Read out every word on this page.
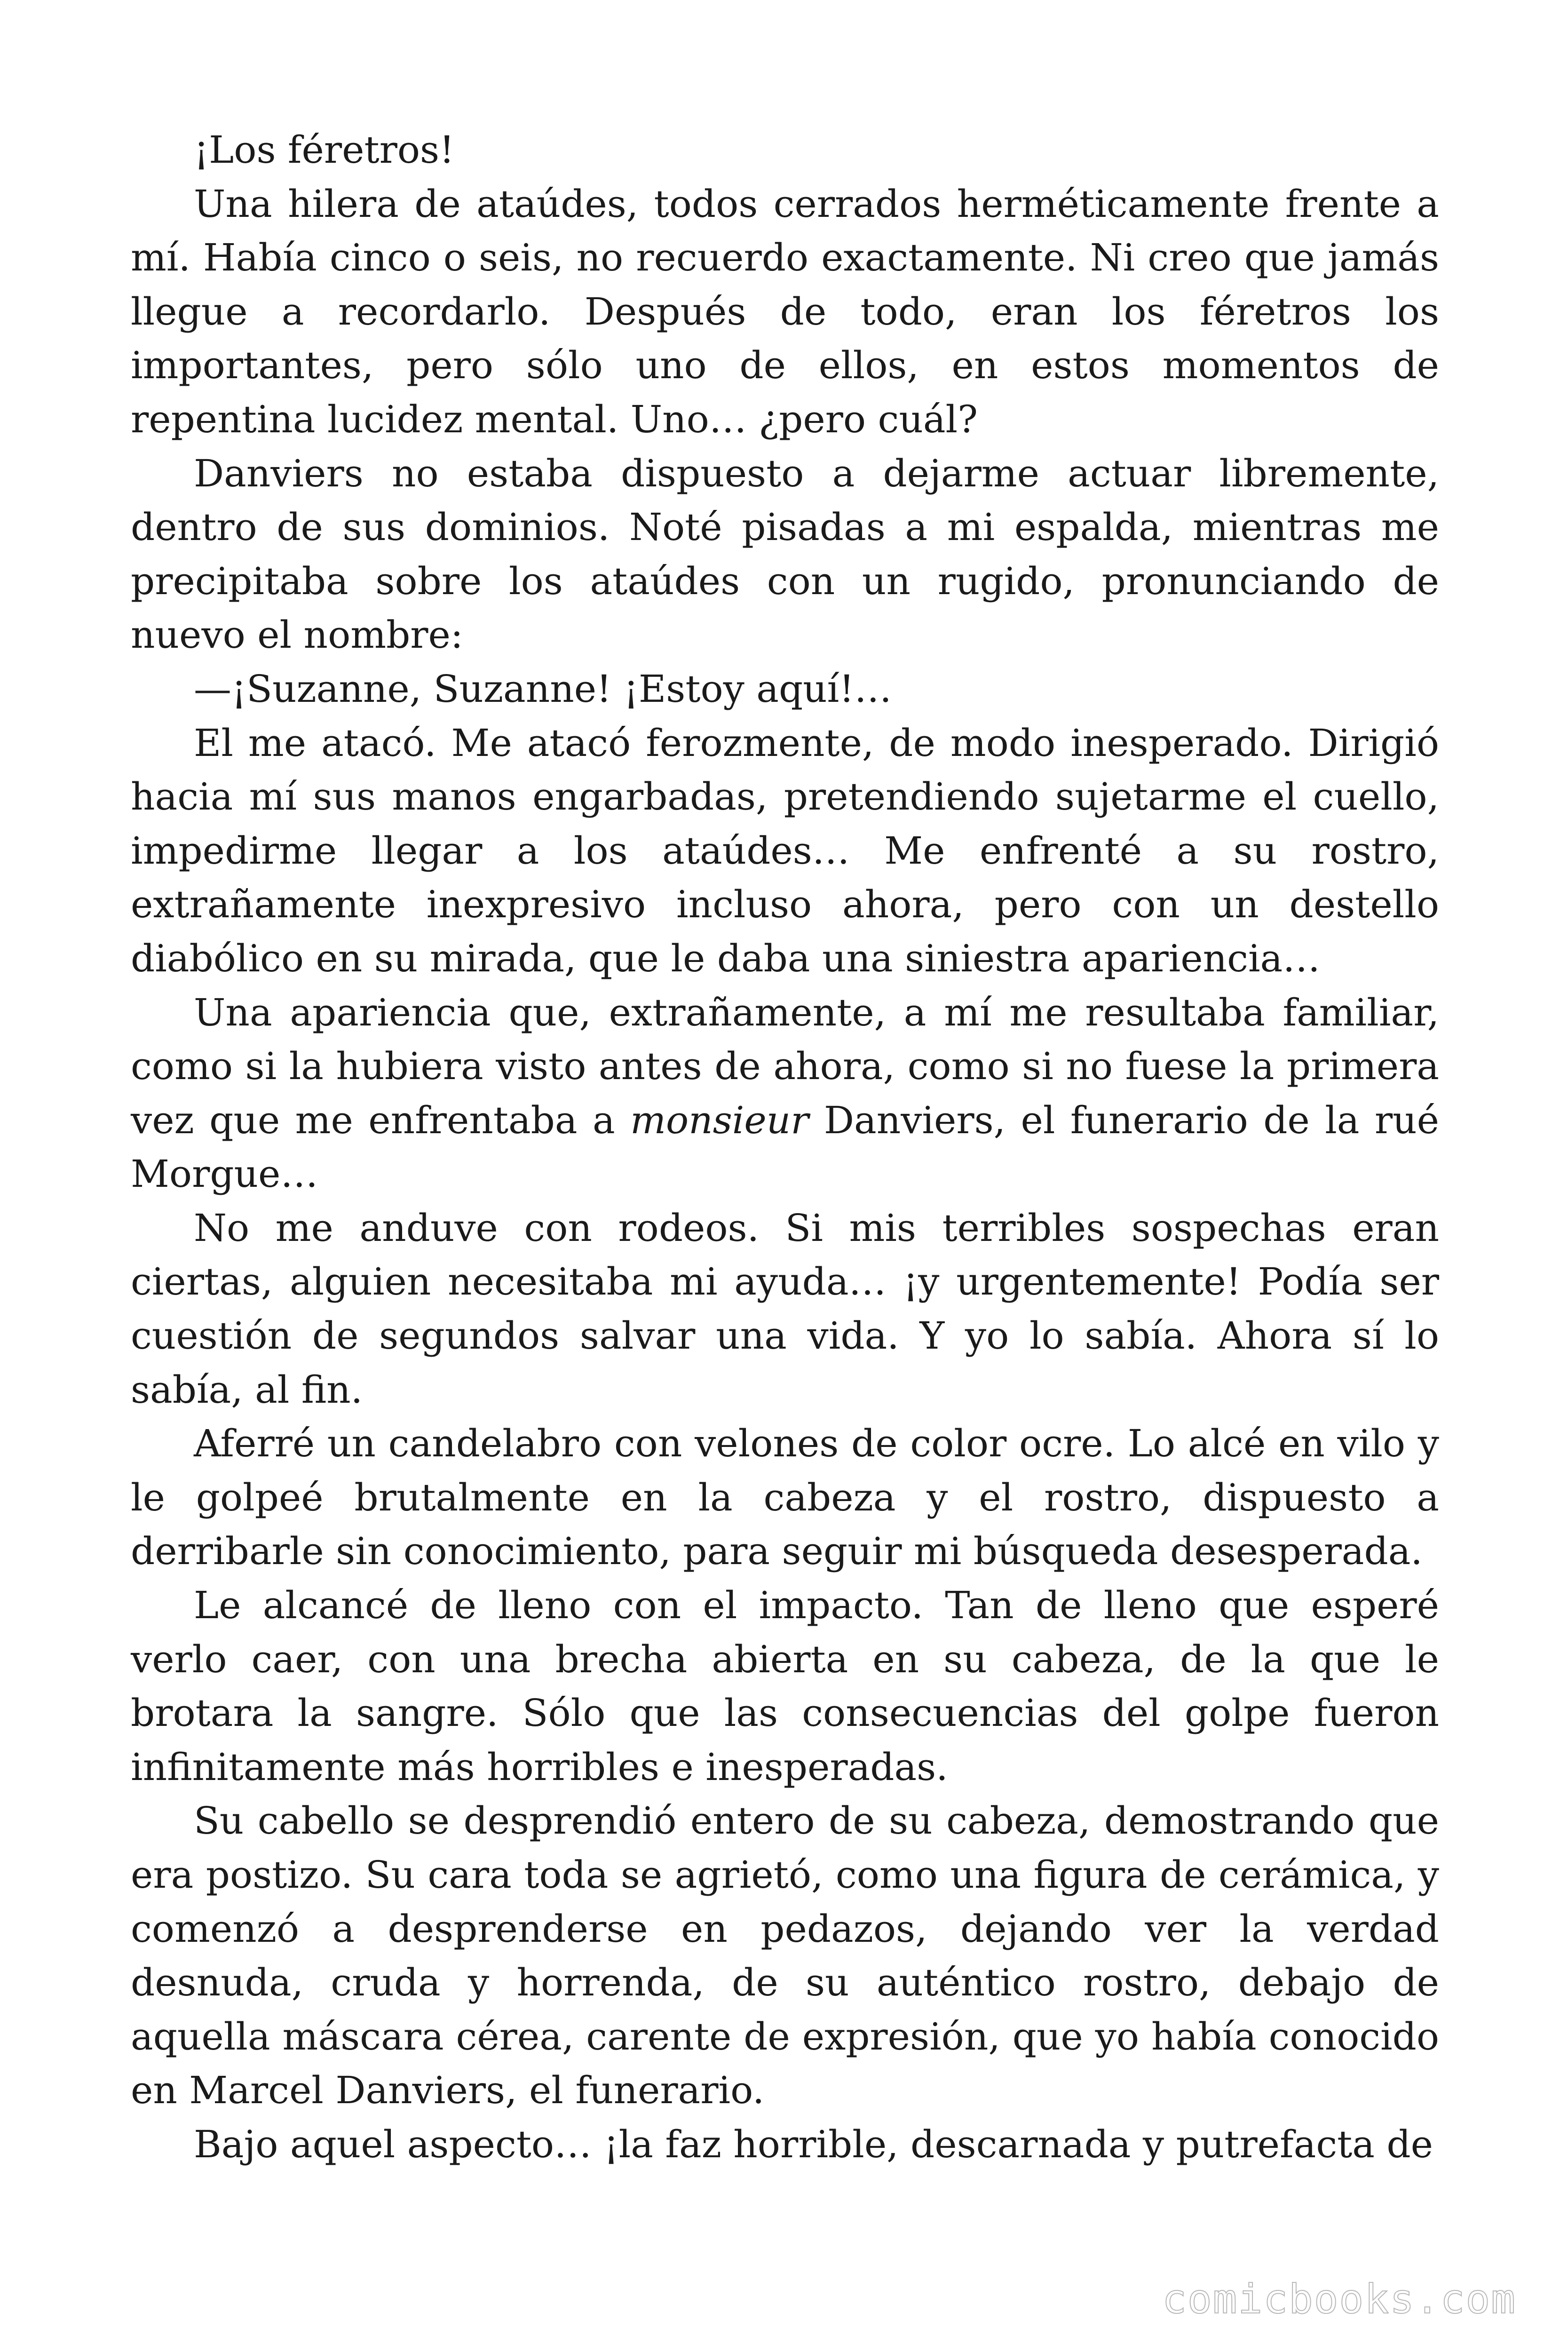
¡Los féretros!

Una hilera de ataúdes, todos cerrados herméticamente frente a mí. Había cinco o seis, no recuerdo exactamente. Ni creo que jamás llegue a recordarlo. Después de todo, eran los féretros los importantes, pero sólo uno de ellos, en estos momentos de repentina lucidez mental. Uno… ¿pero cuál?

Danviers no estaba dispuesto a dejarme actuar libremente, dentro de sus dominios. Noté pisadas a mi espalda, mientras me precipitaba sobre los ataúdes con un rugido, pronunciando de nuevo el nombre:

—¡Suzanne, Suzanne! ¡Estoy aquí!…

El me atacó. Me atacó ferozmente, de modo inesperado. Dirigió hacia mí sus manos engarbadas, pretendiendo sujetarme el cuello, impedirme llegar a los ataúdes… Me enfrenté a su rostro, extrañamente inexpresivo incluso ahora, pero con un destello diabólico en su mirada, que le daba una siniestra apariencia…

Una apariencia que, extrañamente, a mí me resultaba familiar, como si la hubiera visto antes de ahora, como si no fuese la primera vez que me enfrentaba a monsieur Danviers, el funerario de la rué Morgue…

No me anduve con rodeos. Si mis terribles sospechas eran ciertas, alguien necesitaba mi ayuda… ¡y urgentemente! Podía ser cuestión de segundos salvar una vida. Y yo lo sabía. Ahora sí lo sabía, al fin.

Aferré un candelabro con velones de color ocre. Lo alcé en vilo y le golpeé brutalmente en la cabeza y el rostro, dispuesto a derribarle sin conocimiento, para seguir mi búsqueda desesperada.

Le alcancé de lleno con el impacto. Tan de lleno que esperé verlo caer, con una brecha abierta en su cabeza, de la que le brotara la sangre. Sólo que las consecuencias del golpe fueron infinitamente más horribles e inesperadas.

Su cabello se desprendió entero de su cabeza, demostrando que era postizo. Su cara toda se agrietó, como una figura de cerámica, y comenzó a desprenderse en pedazos, dejando ver la verdad desnuda, cruda y horrenda, de su auténtico rostro, debajo de aquella máscara cérea, carente de expresión, que yo había conocido en Marcel Danviers, el funerario.

Bajo aquel aspecto… ¡la faz horrible, descarnada y putrefacta de

comicbooks.com
